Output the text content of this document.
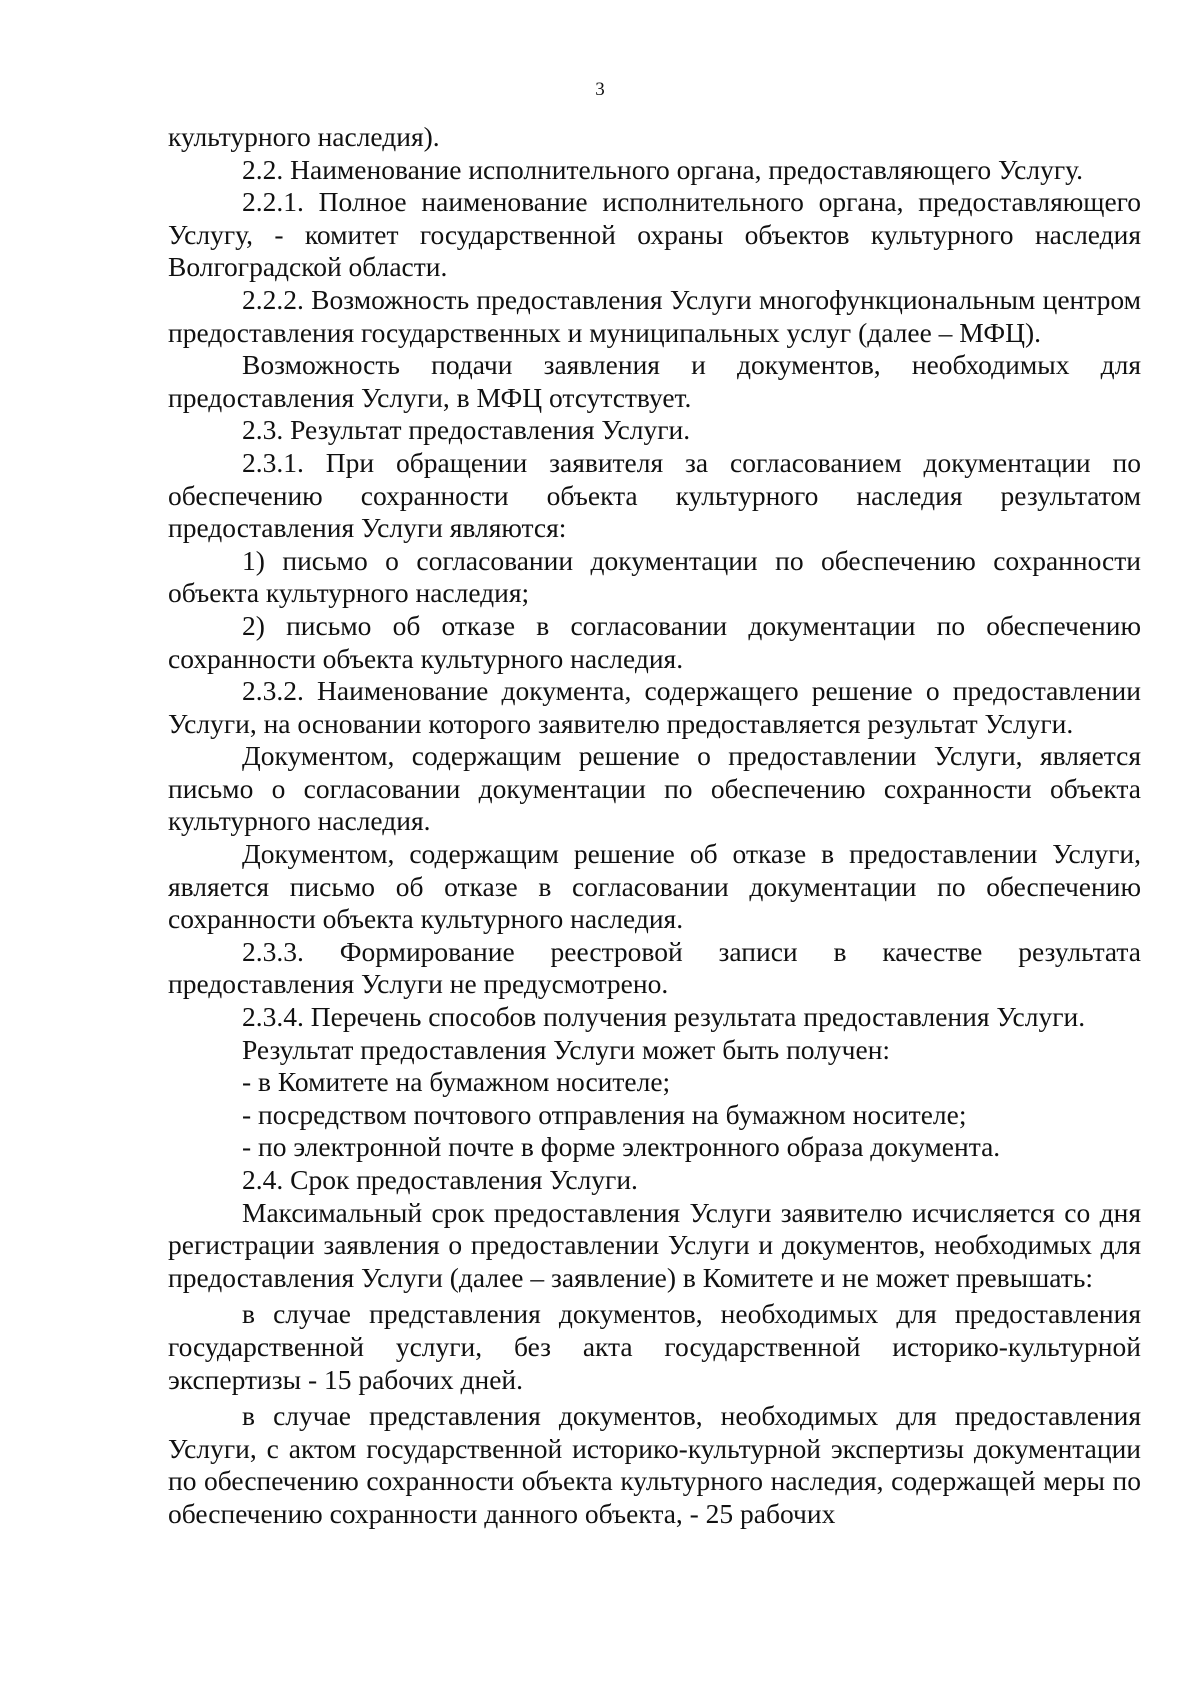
3

культурного наследия).

2.2. Наименование исполнительного органа, предоставляющего Услугу.

2.2.1. Полное наименование исполнительного органа, предоставляющего Услугу, - комитет государственной охраны объектов культурного наследия Волгоградской области.

2.2.2. Возможность предоставления Услуги многофункциональным центром предоставления государственных и муниципальных услуг (далее – МФЦ).

Возможность подачи заявления и документов, необходимых для предоставления Услуги, в МФЦ отсутствует.

2.3. Результат предоставления Услуги.

2.3.1. При обращении заявителя за согласованием документации по обеспечению сохранности объекта культурного наследия результатом предоставления Услуги являются:

1) письмо о согласовании документации по обеспечению сохранности объекта культурного наследия;

2) письмо об отказе в согласовании документации по обеспечению сохранности объекта культурного наследия.

2.3.2. Наименование документа, содержащего решение о предоставлении Услуги, на основании которого заявителю предоставляется результат Услуги.

Документом, содержащим решение о предоставлении Услуги, является письмо о согласовании документации по обеспечению сохранности объекта культурного наследия.

Документом, содержащим решение об отказе в предоставлении Услуги, является письмо об отказе в согласовании документации по обеспечению сохранности объекта культурного наследия.

2.3.3. Формирование реестровой записи в качестве результата предоставления Услуги не предусмотрено.

2.3.4. Перечень способов получения результата предоставления Услуги.

Результат предоставления Услуги может быть получен:

- в Комитете на бумажном носителе;

- посредством почтового отправления на бумажном носителе;

- по электронной почте в форме электронного образа документа.

2.4. Срок предоставления Услуги.

Максимальный срок предоставления Услуги заявителю исчисляется со дня регистрации заявления о предоставлении Услуги и документов, необходимых для предоставления Услуги (далее – заявление) в Комитете и не может превышать:

в случае представления документов, необходимых для предоставления государственной услуги, без акта государственной историко-культурной экспертизы - 15 рабочих дней.

в случае представления документов, необходимых для предоставления Услуги, с актом государственной историко-культурной экспертизы документации по обеспечению сохранности объекта культурного наследия, содержащей меры по обеспечению сохранности данного объекта, - 25 рабочих
